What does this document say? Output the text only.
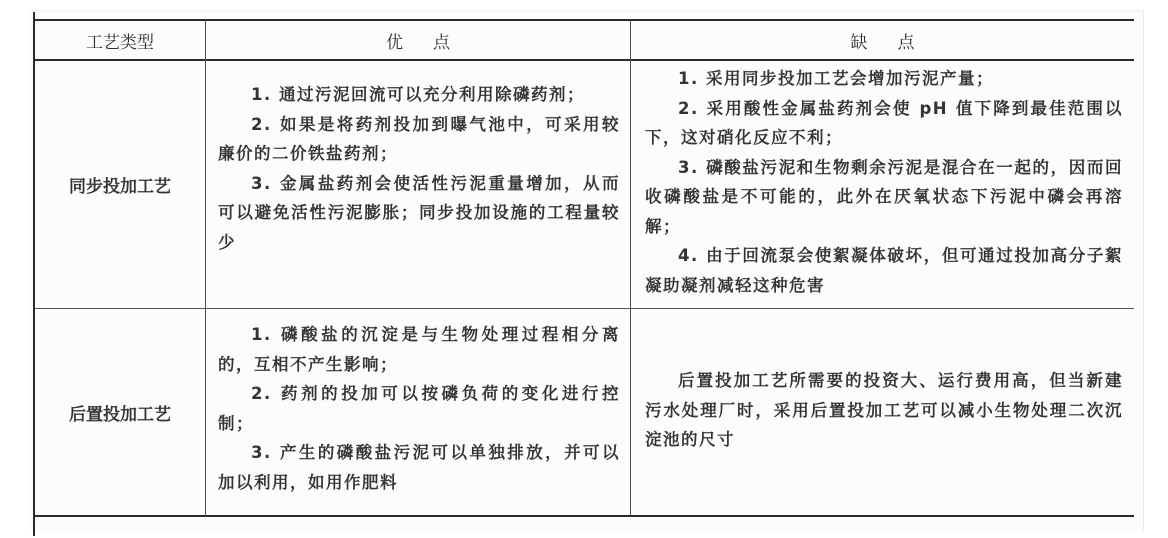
工艺类型	优点	缺点
同步投加工艺

1. 通过污泥回流可以充分利用除磷药剂；

2. 如果是将药剂投加到曝气池中，可采用较廉价的二价铁盐药剂；

3. 金属盐药剂会使活性污泥重量增加，从而可以避免活性污泥膨胀；同步投加设施的工程量较少

1. 采用同步投加工艺会增加污泥产量；

2. 采用酸性金属盐药剂会使 pH 值下降到最佳范围以下，这对硝化反应不利；

3. 磷酸盐污泥和生物剩余污泥是混合在一起的，因而回收磷酸盐是不可能的，此外在厌氧状态下污泥中磷会再溶解；

4. 由于回流泵会使絮凝体破坏，但可通过投加高分子絮凝助凝剂减轻这种危害

后置投加工艺

1. 磷酸盐的沉淀是与生物处理过程相分离的，互相不产生影响；

2. 药剂的投加可以按磷负荷的变化进行控制；

3. 产生的磷酸盐污泥可以单独排放，并可以加以利用，如用作肥料

后置投加工艺所需要的投资大、运行费用高，但当新建污水处理厂时，采用后置投加工艺可以减小生物处理二次沉淀池的尺寸
